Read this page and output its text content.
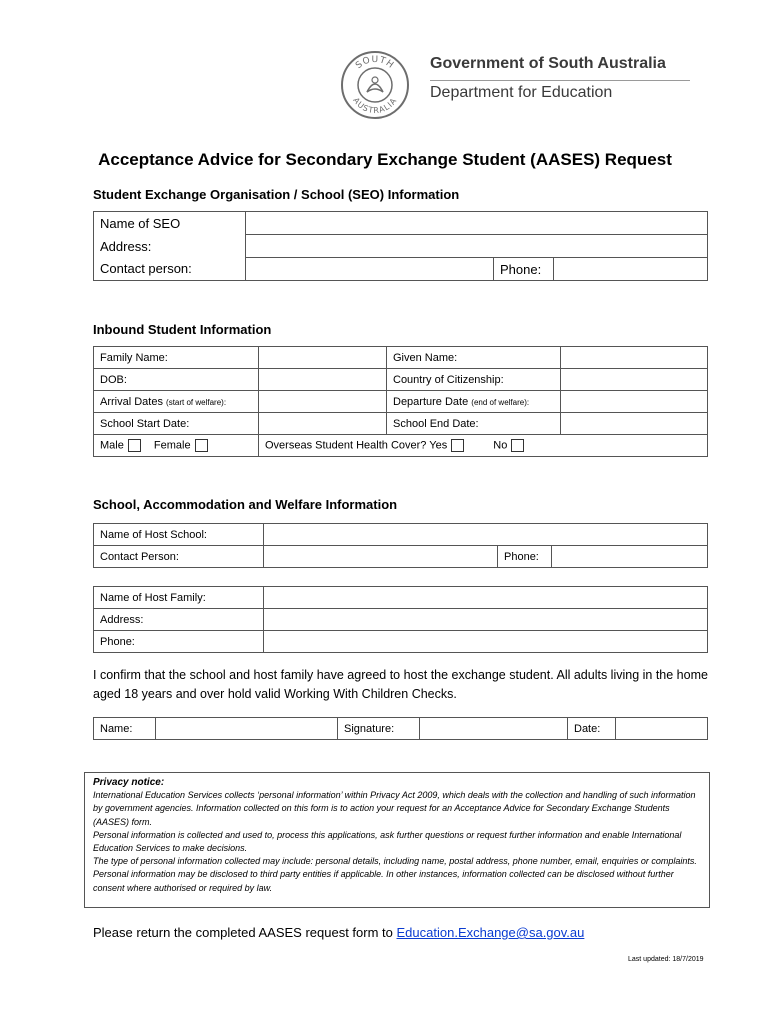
SOUTH
AUSTRALIA
Government of South Australia
Department for Education
Acceptance Advice for Secondary Exchange Student (AASES) Request
Student Exchange Organisation / School (SEO) Information
Name of SEO			
Address:			
Contact person:		Phone:	
Inbound Student Information
Family Name:		Given Name:	
DOB:		Country of Citizenship:	
Arrival Dates (start of welfare):		Departure Date (end of welfare):	
School Start Date:		School End Date:	
Male Female	Overseas Student Health Cover? Yes No		
School, Accommodation and Welfare Information
Name of Host School:			
Contact Person:		Phone:	
Name of Host Family:	
Address:	
Phone:	
I confirm that the school and host family have agreed to host the exchange student. All adults living in the home aged 18 years and over hold valid Working With Children Checks.
Name:		Signature:		Date:	
Privacy notice:
International Education Services collects ‘personal information’ within Privacy Act 2009, which deals with the collection and handling of such information by government agencies. Information collected on this form is to action your request for an Acceptance Advice for Secondary Exchange Students (AASES) form.
Personal information is collected and used to, process this applications, ask further questions or request further information and enable International Education Services to make decisions.
The type of personal information collected may include: personal details, including name, postal address, phone number, email, enquiries or complaints.
Personal information may be disclosed to third party entities if applicable. In other instances, information collected can be disclosed without further consent where authorised or required by law.
Please return the completed AASES request form to Education.Exchange@sa.gov.au
Last updated: 18/7/2019
